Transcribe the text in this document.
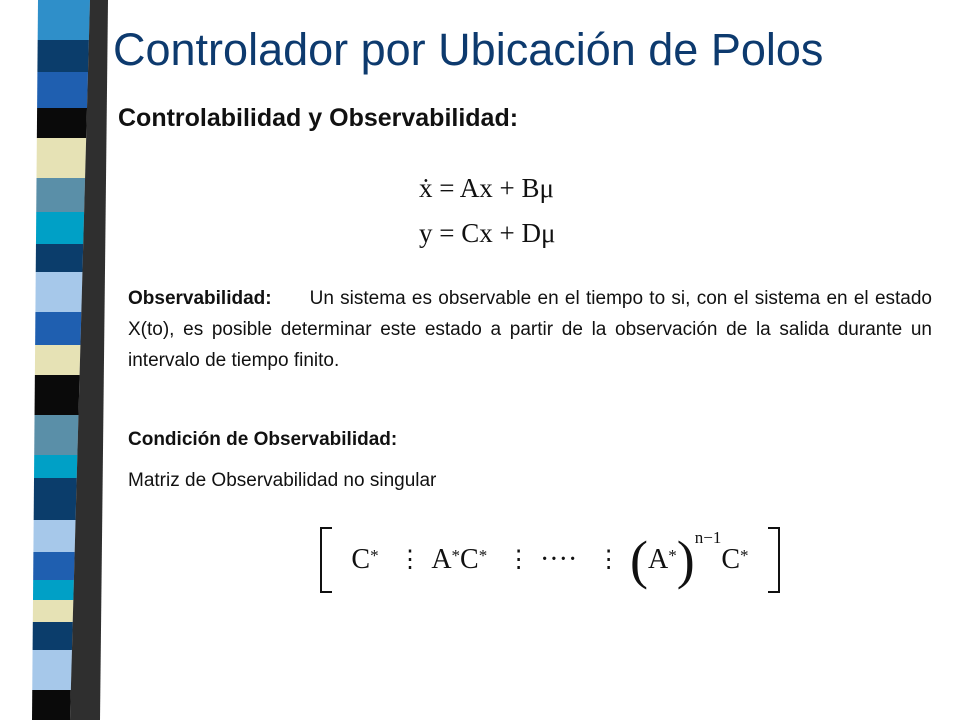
Controlador por Ubicación de Polos
Controlabilidad y Observabilidad:
ẋ = Ax + Bμ
y = Cx + Dμ

Observabilidad: Un sistema es observable en el tiempo to si, con el sistema en el estado X(to), es posible determinar este estado a partir de la observación de la salida durante un intervalo de tiempo finito.

Condición de Observabilidad:

Matriz de Observabilidad no singular

C* ⋮ A* C* ⋮ ···· ⋮ ( A* )$^{n-1}$
C*
